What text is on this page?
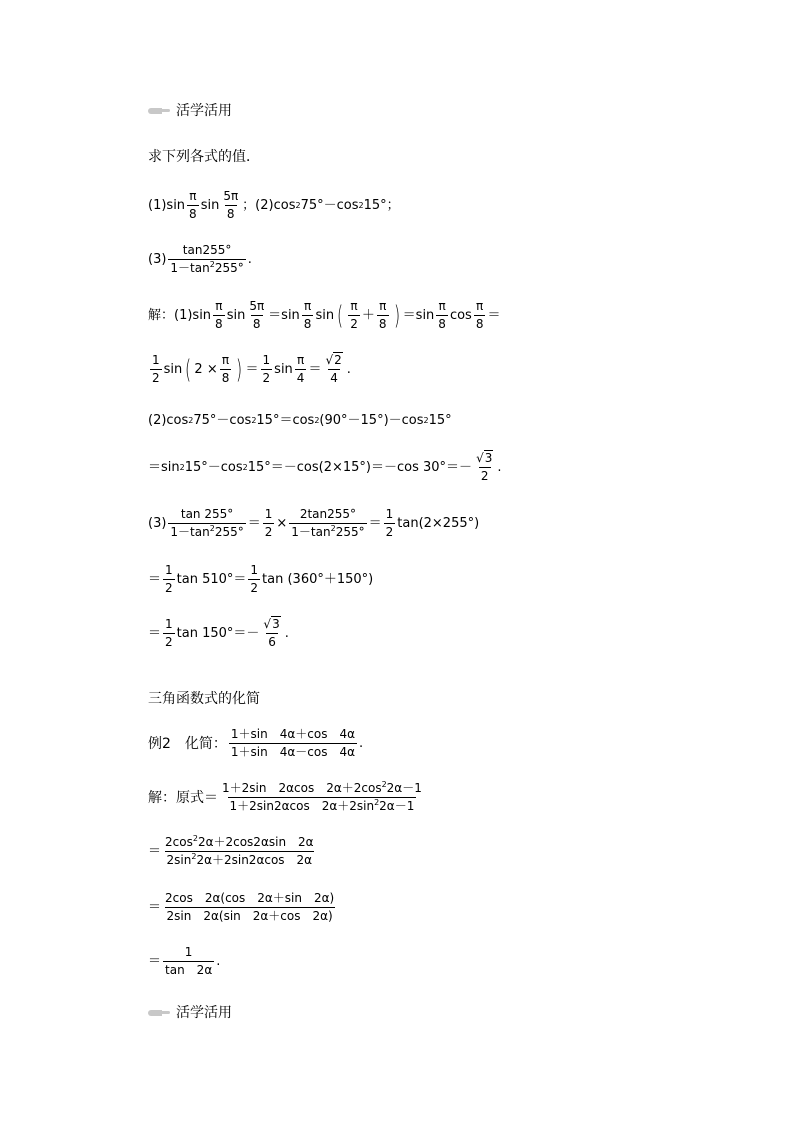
活学活用
求下列各式的值．
$(1)\sin \frac{\pi}{8}$ $\sin \frac{5\pi}{8}$ ；(2)cos 2 75°－cos 2 15°；
$(3) \frac{\tan 255^\circ}{1-\tan^2255^\circ}$ .
解：$(1)\sin \frac{\pi}{8}$ $\sin \frac{5\pi}{8} =\sin \frac{\pi}{8}$ sin ( $\frac{\pi}{2} + \frac{\pi}{8}$ ) $=\sin \frac{\pi}{8}$ $\cos \frac{\pi}{8}$ ＝
$\frac{1}{2}$ sin ( $2 \times \frac{\pi}{8}$ ) ＝ $\frac{1}{2}$ $\sin \frac{\pi}{4} = \frac{√2}{4}$ .
(2)cos 2 75°－cos 2 15°＝cos 2 (90°－15°)－cos 2 15°
＝sin 2 15°－cos 2 15°＝－cos(2×15°)＝－cos $30^\circ=- \frac{√3}{2}$ .
$(3) \frac{\tan 255^\circ}{1-\tan^2255^\circ} = \frac{1}{2} \times \frac{2\tan 255^\circ}{1-\tan^2255^\circ} = \frac{1}{2} \tan(2\times 255^\circ)$
＝ $\frac{1}{2}$ $\tan 510^\circ= \frac{1}{2}$ tan (360°＋150°)
＝ $\frac{1}{2}$ $\tan 150^\circ=- \frac{√3}{6}$ .
三角函数式的化简
例2　化简： $\frac{1+\sin 4\alpha+\cos 4\alpha}{1+\sin 4\alpha-\cos 4\alpha}$ .
解：原式＝ $\frac{1+2\sin 2\alpha\cos 2\alpha+2\cos^22\alpha-1}{1+2\sin 2\alpha\cos 2\alpha+2\sin^22\alpha-1}$
＝ $\frac{2\cos^22\alpha+2\cos 2\alpha\sin 2\alpha}{2\sin^22\alpha+2\sin 2\alpha\cos 2\alpha}$
＝ $\frac{2\cos 2\alpha(\cos 2\alpha+\sin 2\alpha)}{2\sin 2\alpha(\sin 2\alpha+\cos 2\alpha)}$
＝ $\frac{1}{\tan 2\alpha}$ .
活学活用
